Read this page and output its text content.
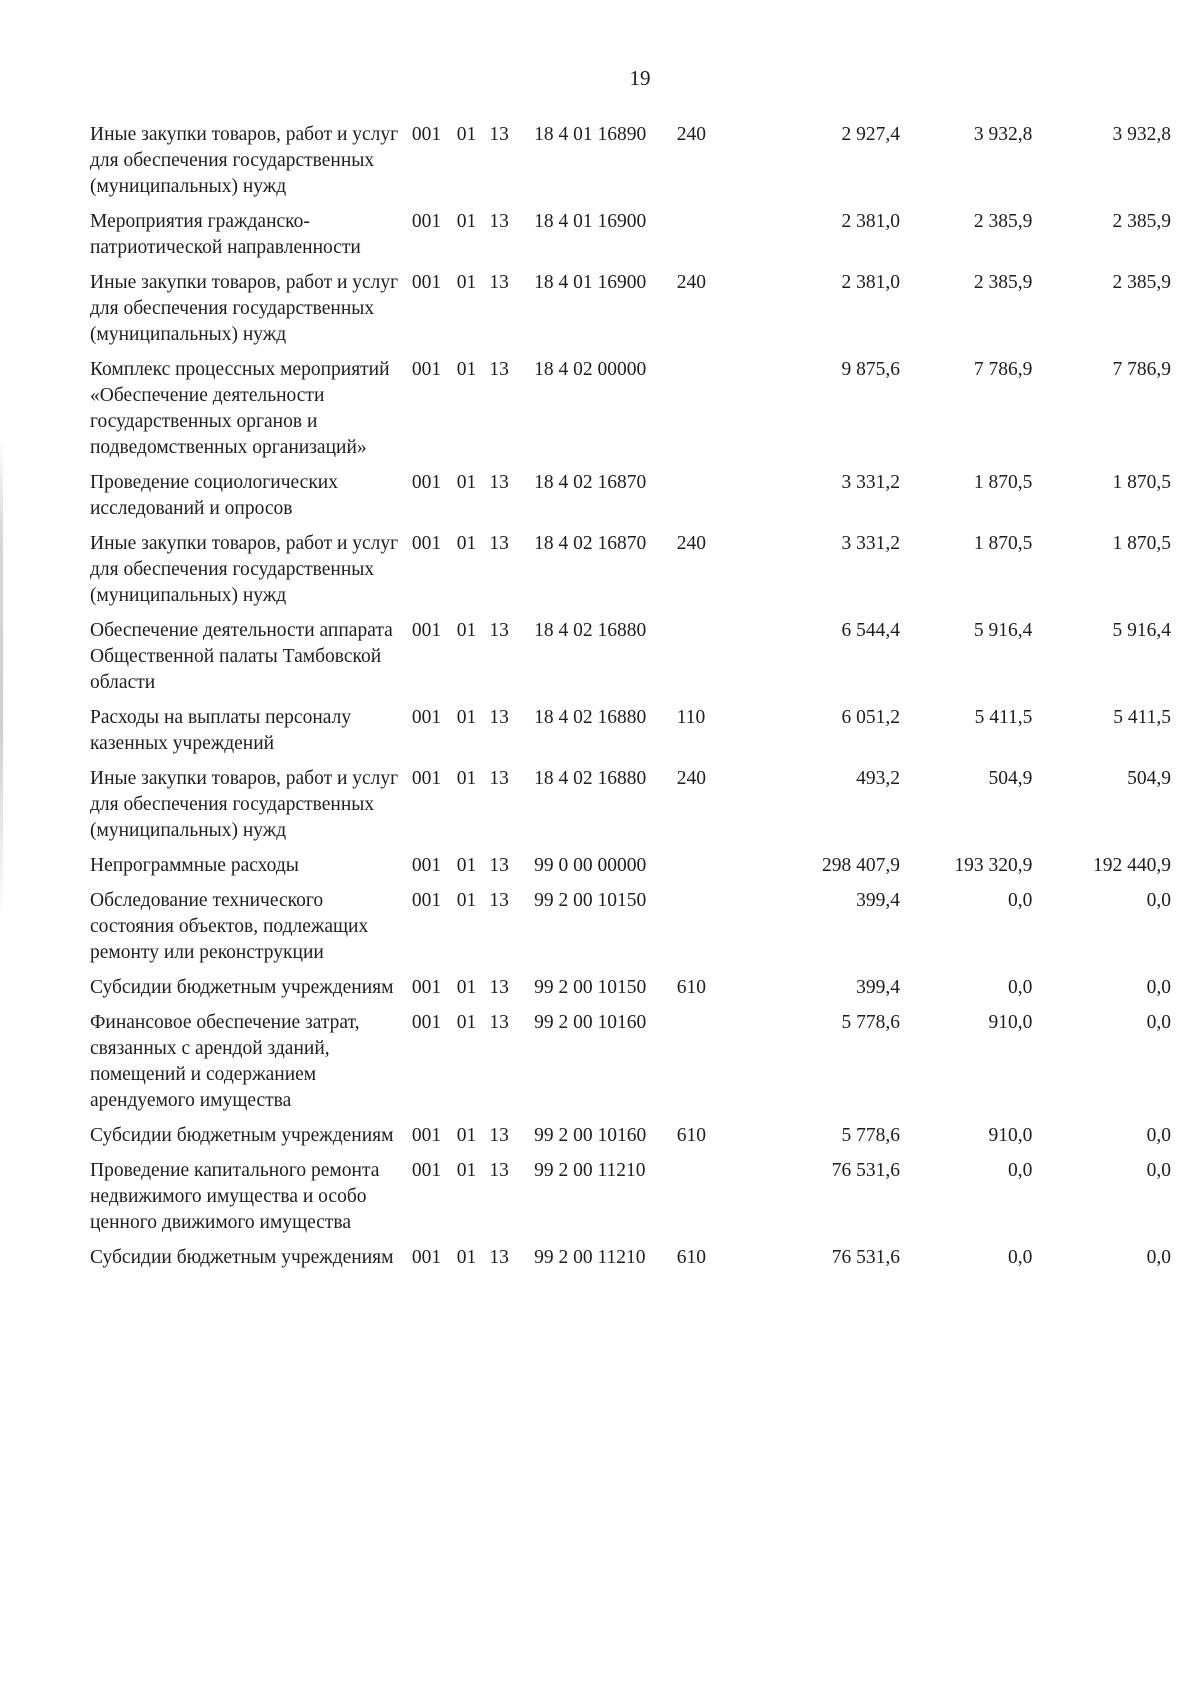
19
Иные закупки товаров, работ и услуг для обеспечения государственных (муниципальных) нужд	001	01	13	18 4 01 16890	240	2 927,4	3 932,8	3 932,8
Мероприятия гражданско-патриотической направленности	001	01	13	18 4 01 16900		2 381,0	2 385,9	2 385,9
Иные закупки товаров, работ и услуг для обеспечения государственных (муниципальных) нужд	001	01	13	18 4 01 16900	240	2 381,0	2 385,9	2 385,9
Комплекс процессных мероприятий «Обеспечение деятельности государственных органов и подведомственных организаций»	001	01	13	18 4 02 00000		9 875,6	7 786,9	7 786,9
Проведение социологических исследований и опросов	001	01	13	18 4 02 16870		3 331,2	1 870,5	1 870,5
Иные закупки товаров, работ и услуг для обеспечения государственных (муниципальных) нужд	001	01	13	18 4 02 16870	240	3 331,2	1 870,5	1 870,5
Обеспечение деятельности аппарата Общественной палаты Тамбовской области	001	01	13	18 4 02 16880		6 544,4	5 916,4	5 916,4
Расходы на выплаты персоналу казенных учреждений	001	01	13	18 4 02 16880	110	6 051,2	5 411,5	5 411,5
Иные закупки товаров, работ и услуг для обеспечения государственных (муниципальных) нужд	001	01	13	18 4 02 16880	240	493,2	504,9	504,9
Непрограммные расходы	001	01	13	99 0 00 00000		298 407,9	193 320,9	192 440,9
Обследование технического состояния объектов, подлежащих ремонту или реконструкции	001	01	13	99 2 00 10150		399,4	0,0	0,0
Субсидии бюджетным учреждениям	001	01	13	99 2 00 10150	610	399,4	0,0	0,0
Финансовое обеспечение затрат, связанных с арендой зданий, помещений и содержанием арендуемого имущества	001	01	13	99 2 00 10160		5 778,6	910,0	0,0
Субсидии бюджетным учреждениям	001	01	13	99 2 00 10160	610	5 778,6	910,0	0,0
Проведение капитального ремонта недвижимого имущества и особо ценного движимого имущества	001	01	13	99 2 00 11210		76 531,6	0,0	0,0
Субсидии бюджетным учреждениям	001	01	13	99 2 00 11210	610	76 531,6	0,0	0,0
